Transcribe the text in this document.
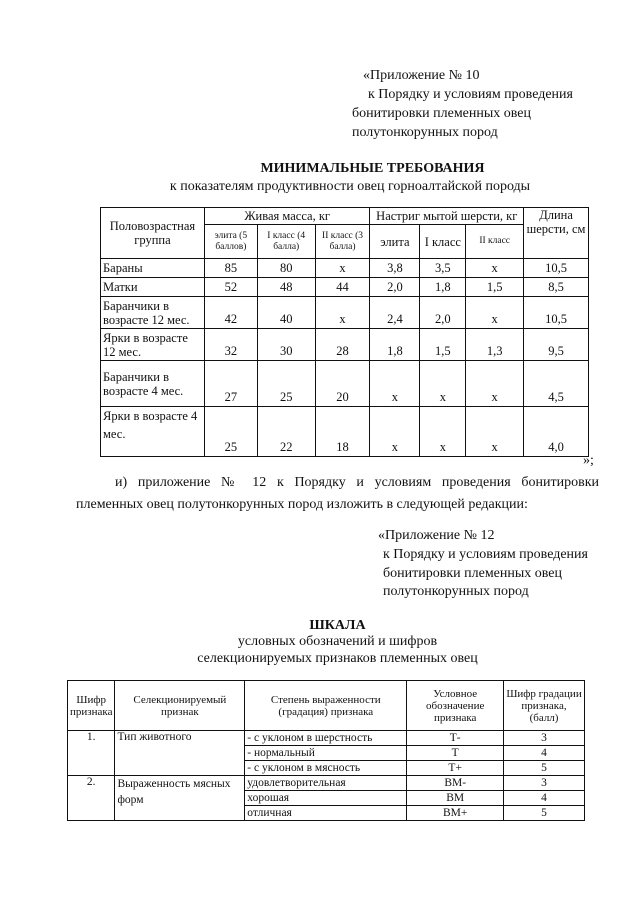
«Приложение № 10
к Порядку и условиям проведения
бонитировки племенных овец
полутонкорунных пород
МИНИМАЛЬНЫЕ ТРЕБОВАНИЯ
к показателям продуктивности овец горноалтайской породы
Половозрастная группа	Живая масса, кг			Настриг мытой шерсти, кг			Длина шерсти, см
	элита (5 баллов)	I класс (4 балла)	II класс (3 балла)	элита	I класс	II класс	
Бараны	85	80	х	3,8	3,5	х	10,5
Матки	52	48	44	2,0	1,8	1,5	8,5
Баранчики в возрасте 12 мес.	42	40	х	2,4	2,0	х	10,5
Ярки в возрасте 12 мес.	32	30	28	1,8	1,5	1,3	9,5
Баранчики в возрасте 4 мес.	27	25	20	х	х	х	4,5
Ярки в возрасте 4 мес.	25	22	18	х	х	х	4,0
»;
и) приложение № 12 к Порядку и условиям проведения бонитировки
племенных овец полутонкорунных пород изложить в следующей редакции:
«Приложение № 12
к Порядку и условиям проведения
бонитировки племенных овец
полутонкорунных пород
ШКАЛА
условных обозначений и шифров
селекционируемых признаков племенных овец
Шифр признака	Селекционируемый признак	Степень выраженности (градация) признака	Условное обозначение признака	Шифр градации признака, (балл)
1.	Тип животного	- с уклоном в шерстность	Т-	3
		- нормальный	Т	4
		- с уклоном в мясность	Т+	5
2.	Выраженность мясных форм	удовлетворительная	ВМ-	3
		хорошая	ВМ	4
		отличная	ВМ+	5
